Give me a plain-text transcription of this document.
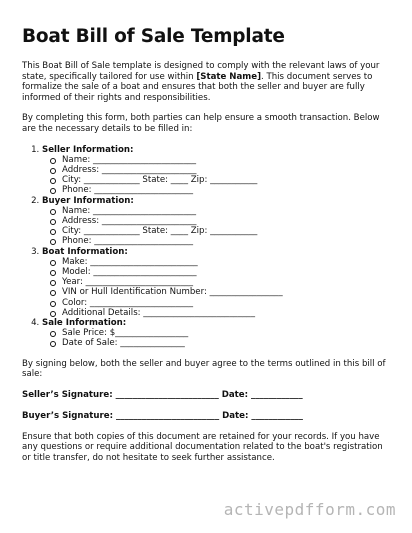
Boat Bill of Sale Template

This Boat Bill of Sale template is designed to comply with the relevant laws of your state, specifically tailored for use within [State Name]. This document serves to formalize the sale of a boat and ensures that both the seller and buyer are fully informed of their rights and responsibilities.

By completing this form, both parties can help ensure a smooth transaction. Below are the necessary details to be filled in:

1. Seller Information:
Name: ________________________
Address: ______________________
City: _____________ State: ____ Zip: ___________
Phone: _______________________
2. Buyer Information:
Name: ________________________
Address: ______________________
City: _____________ State: ____ Zip: ___________
Phone: _______________________
3. Boat Information:
Make: _________________________
Model: ________________________
Year: _________________________
VIN or Hull Identification Number: _________________
Color: ________________________
Additional Details: __________________________
4. Sale Information:
Sale Price: $_________________
Date of Sale: _______________

By signing below, both the seller and buyer agree to the terms outlined in this bill of sale:

Seller’s Signature: ________________________ Date: ____________
Buyer’s Signature: ________________________ Date: ____________

Ensure that both copies of this document are retained for your records. If you have any questions or require additional documentation related to the boat's registration or title transfer, do not hesitate to seek further assistance.

activepdfform.com
